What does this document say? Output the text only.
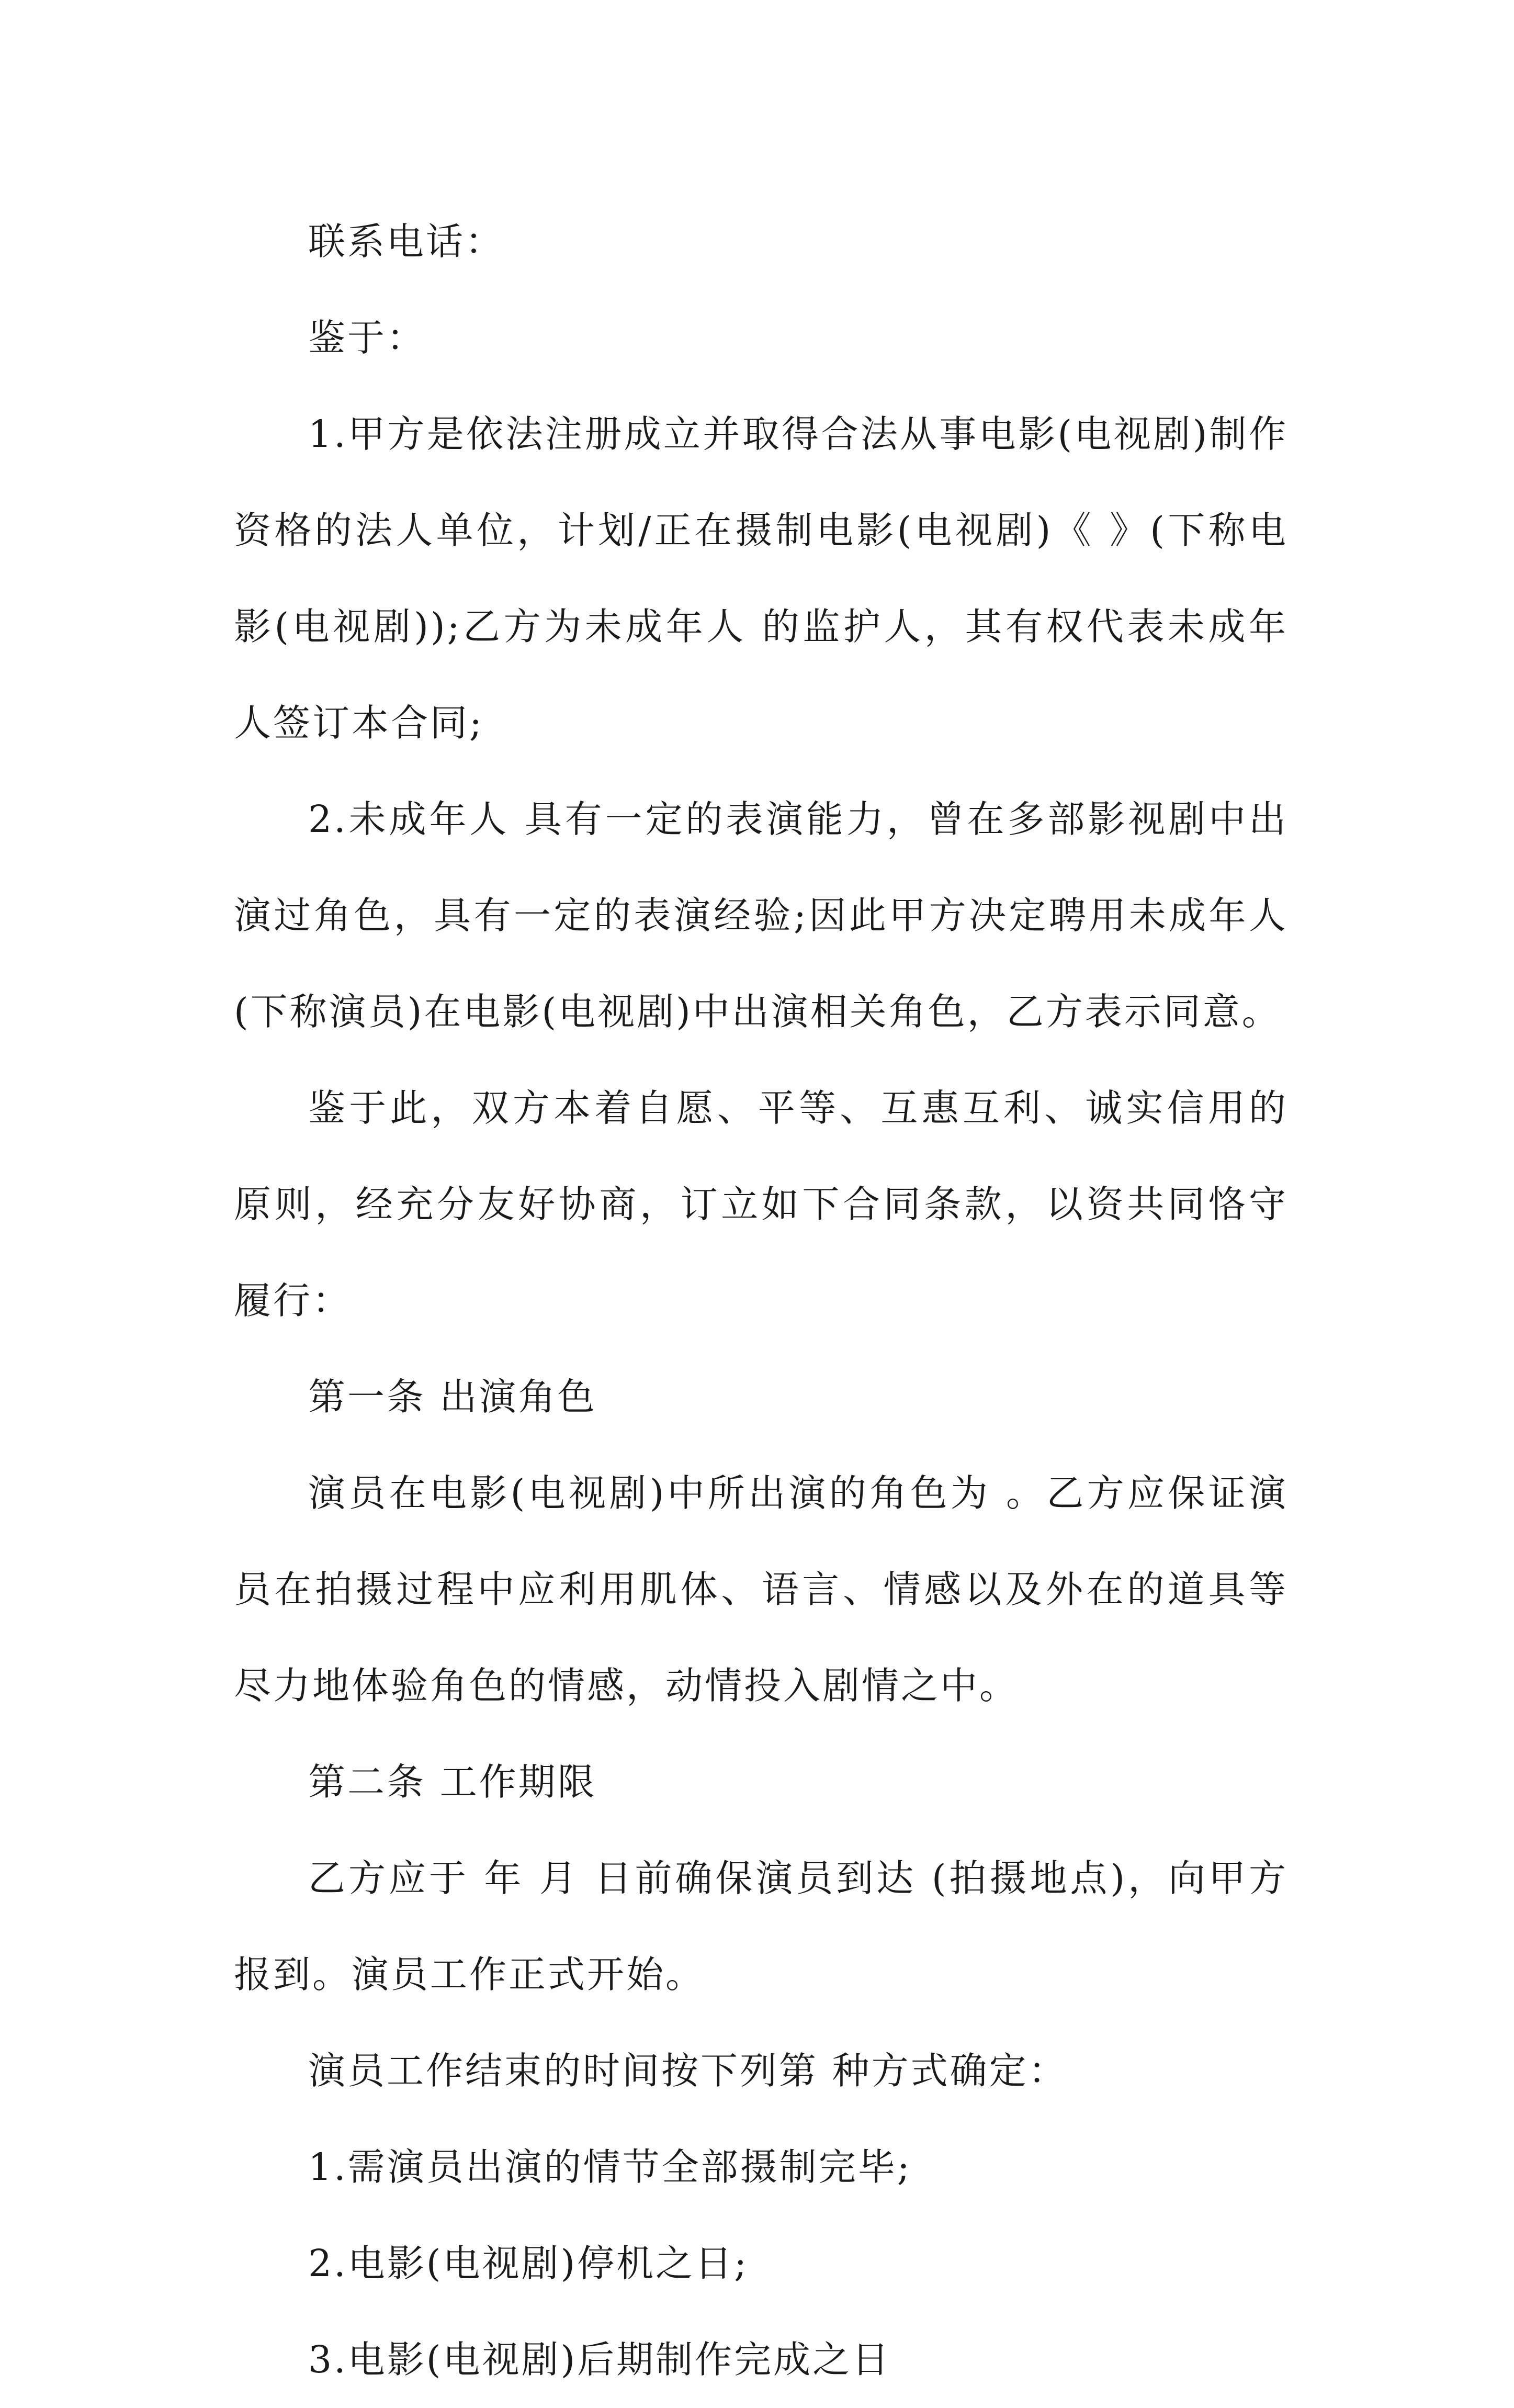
联系电话：

鉴于：

1.甲方是依法注册成立并取得合法从事电影(电视剧)制作资格的法人单位，计划/正在摄制电影(电视剧)《 》(下称电影(电视剧));乙方为未成年人 的监护人，其有权代表未成年人签订本合同;

2.未成年人 具有一定的表演能力，曾在多部影视剧中出演过角色，具有一定的表演经验;因此甲方决定聘用未成年人 (下称演员)在电影(电视剧)中出演相关角色，乙方表示同意。

鉴于此，双方本着自愿、平等、互惠互利、诚实信用的原则，经充分友好协商，订立如下合同条款，以资共同恪守履行：

第一条 出演角色

演员在电影(电视剧)中所出演的角色为 。乙方应保证演员在拍摄过程中应利用肌体、语言、情感以及外在的道具等尽力地体验角色的情感，动情投入剧情之中。

第二条 工作期限

乙方应于 年 月 日前确保演员到达 (拍摄地点)，向甲方报到。演员工作正式开始。

演员工作结束的时间按下列第 种方式确定：

1.需演员出演的情节全部摄制完毕;

2.电影(电视剧)停机之日;

3.电影(电视剧)后期制作完成之日
